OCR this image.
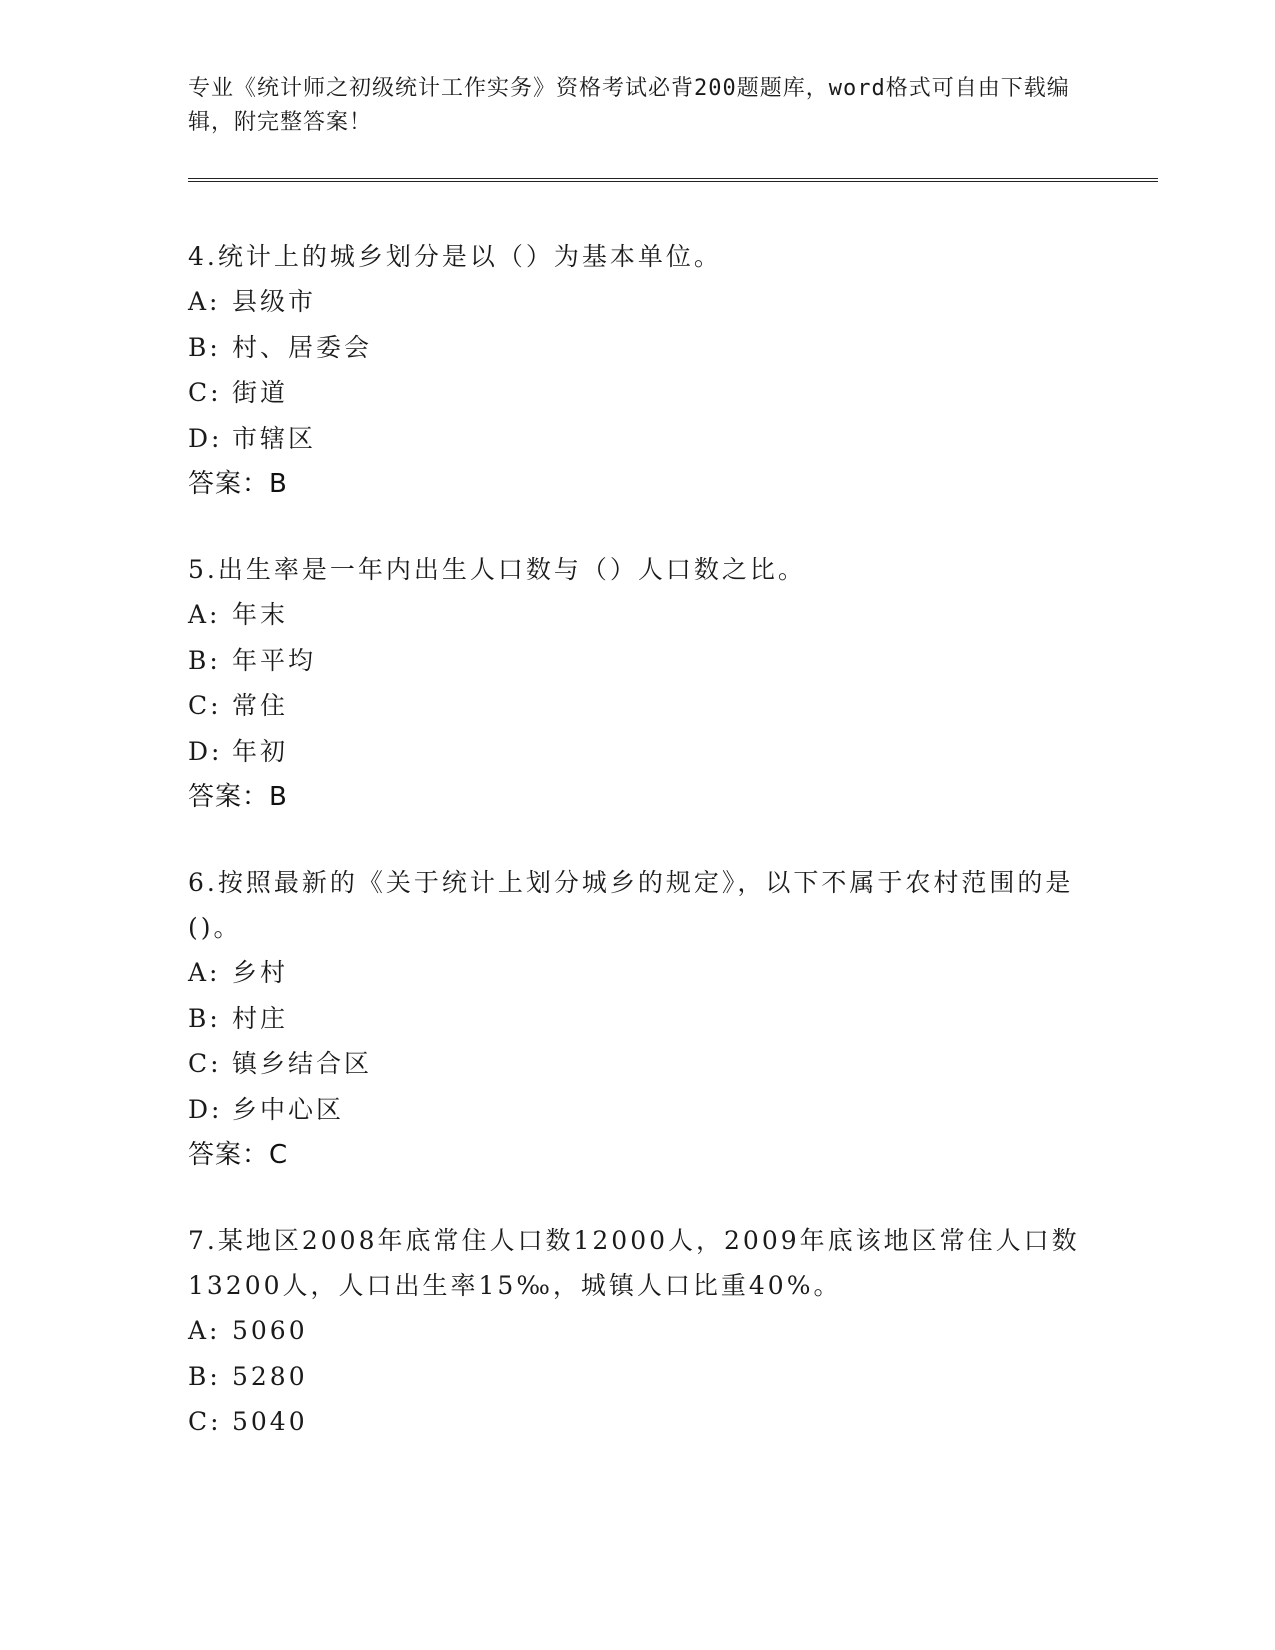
专业《统计师之初级统计工作实务》资格考试必背200题题库，word格式可自由下载编辑，附完整答案！
4.统计上的城乡划分是以（）为基本单位。
A: 县级市
B: 村、居委会
C: 街道
D: 市辖区
答案：B
5.出生率是一年内出生人口数与（）人口数之比。
A: 年末
B: 年平均
C: 常住
D: 年初
答案：B
6.按照最新的《关于统计上划分城乡的规定》，以下不属于农村范围的是()。
A: 乡村
B: 村庄
C: 镇乡结合区
D: 乡中心区
答案：C
7.某地区2008年底常住人口数12000人，2009年底该地区常住人口数13200人，人口出生率15‰，城镇人口比重40%。
A: 5060
B: 5280
C: 5040
